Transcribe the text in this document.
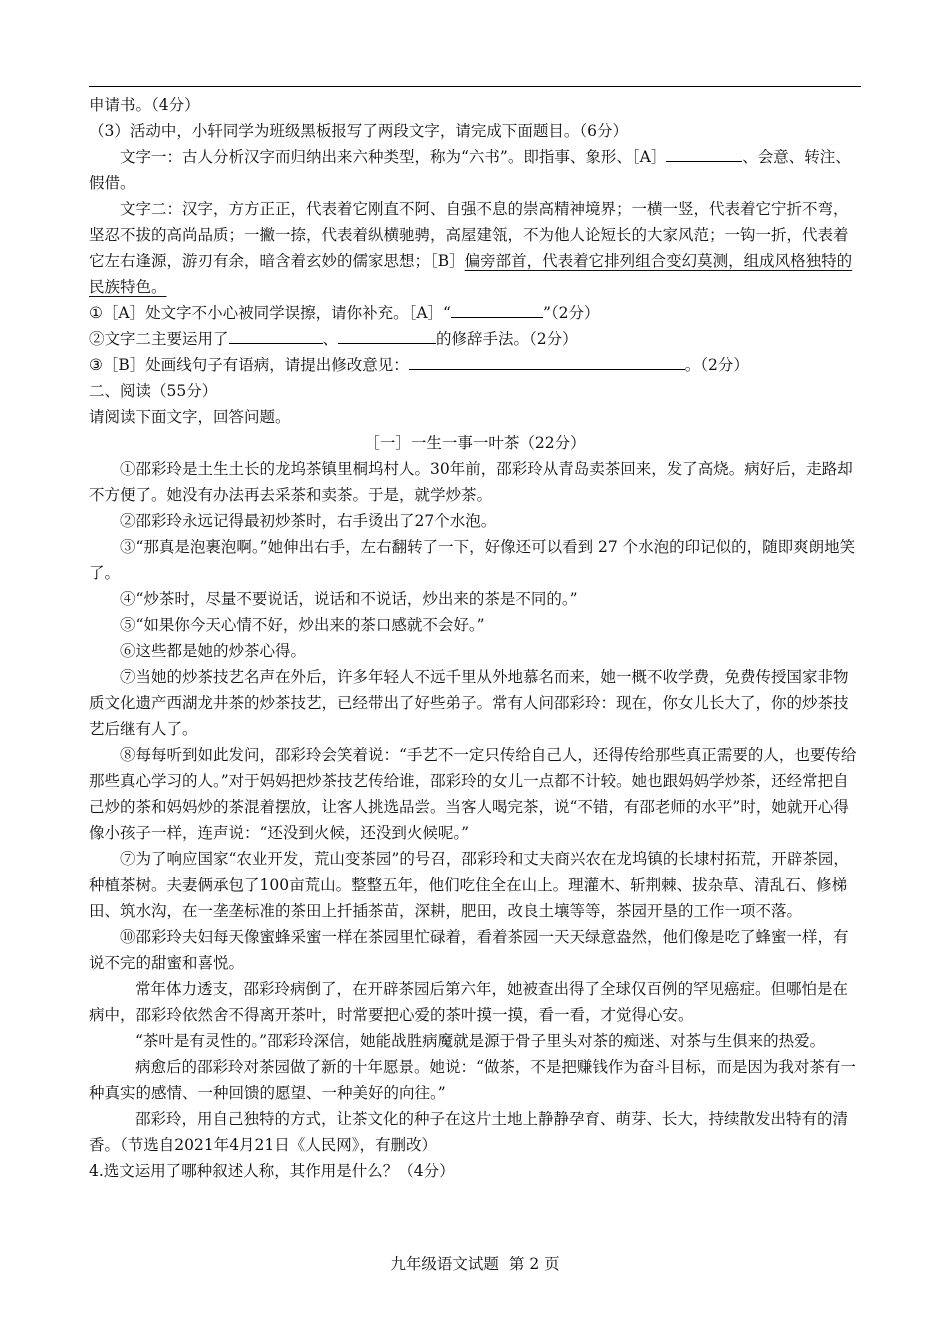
申请书。（4分）

（3）活动中，小轩同学为班级黑板报写了两段文字，请完成下面题目。（6分）

文字一：古人分析汉字而归纳出来六种类型，称为“六书”。即指事、象形、［A］	、会意、转注、假借。

文字二：汉字，方方正正，代表着它刚直不阿、自强不息的崇高精神境界；一横一竖，代表着它宁折不弯，坚忍不拔的高尚品质；一撇一捺，代表着纵横驰骋，高屋建瓴，不为他人论短长的大家风范；一钩一折，代表着它左右逢源，游刃有余，暗含着玄妙的儒家思想；［B］偏旁部首，代表着它排列组合变幻莫测，组成风格独特的民族特色。

①［A］处文字不小心被同学误擦，请你补充。［A］“	”（2分）

②文字二主要运用了	、	的修辞手法。（2分）

③［B］处画线句子有语病，请提出修改意见：	。（2分）

二、阅读（55分）

请阅读下面文字，回答问题。

［一］一生一事一叶茶（22分）

①邵彩玲是土生土长的龙坞茶镇里桐坞村人。30年前，邵彩玲从青岛卖茶回来，发了高烧。病好后，走路却不方便了。她没有办法再去采茶和卖茶。于是，就学炒茶。

②邵彩玲永远记得最初炒茶时，右手烫出了27个水泡。

③“那真是泡裹泡啊。”她伸出右手，左右翻转了一下，好像还可以看到 27 个水泡的印记似的，随即爽朗地笑了。

④“炒茶时，尽量不要说话，说话和不说话，炒出来的茶是不同的。”

⑤“如果你今天心情不好，炒出来的茶口感就不会好。”

⑥这些都是她的炒茶心得。

⑦当她的炒茶技艺名声在外后，许多年轻人不远千里从外地慕名而来，她一概不收学费，免费传授国家非物质文化遗产西湖龙井茶的炒茶技艺，已经带出了好些弟子。常有人问邵彩玲：现在，你女儿长大了，你的炒茶技艺后继有人了。

⑧每每听到如此发问，邵彩玲会笑着说：“手艺不一定只传给自己人，还得传给那些真正需要的人，也要传给那些真心学习的人。”对于妈妈把炒茶技艺传给谁，邵彩玲的女儿一点都不计较。她也跟妈妈学炒茶，还经常把自己炒的茶和妈妈炒的茶混着摆放，让客人挑选品尝。当客人喝完茶，说“不错，有邵老师的水平”时，她就开心得像小孩子一样，连声说：“还没到火候，还没到火候呢。”

⑦为了响应国家“农业开发，荒山变茶园”的号召，邵彩玲和丈夫商兴农在龙坞镇的长埭村拓荒，开辟茶园，种植茶树。夫妻俩承包了100亩荒山。整整五年，他们吃住全在山上。理灌木、斩荆棘、拔杂草、清乱石、修梯田、筑水沟，在一垄垄标准的茶田上扦插茶苗，深耕，肥田，改良土壤等等，茶园开垦的工作一项不落。

⑩邵彩玲夫妇每天像蜜蜂采蜜一样在茶园里忙碌着，看着茶园一天天绿意盎然，他们像是吃了蜂蜜一样，有说不完的甜蜜和喜悦。

常年体力透支，邵彩玲病倒了，在开辟茶园后第六年，她被查出得了全球仅百例的罕见癌症。但哪怕是在病中，邵彩玲依然舍不得离开茶叶，时常要把心爱的茶叶摸一摸，看一看，才觉得心安。

“茶叶是有灵性的。”邵彩玲深信，她能战胜病魔就是源于骨子里头对茶的痴迷、对茶与生俱来的热爱。

病愈后的邵彩玲对茶园做了新的十年愿景。她说：“做茶，不是把赚钱作为奋斗目标，而是因为我对茶有一种真实的感情、一种回馈的愿望、一种美好的向往。”

邵彩玲，用自己独特的方式，让茶文化的种子在这片土地上静静孕育、萌芽、长大，持续散发出特有的清香。（节选自2021年4月21日《人民网》，有删改）

4.选文运用了哪种叙述人称，其作用是什么？（4分）

九年级语文试题 第 2 页
